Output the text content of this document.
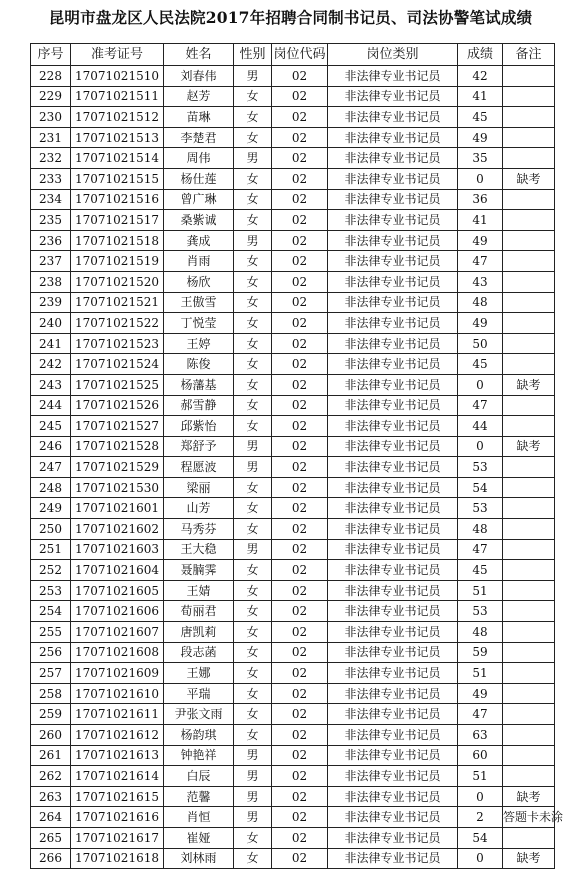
昆明市盘龙区人民法院2017年招聘合同制书记员、司法协警笔试成绩
序号	准考证号	姓名	性别	岗位代码	岗位类别	成绩	备注
228	17071021510	刘春伟	男	02	非法律专业书记员	42	
229	17071021511	赵芳	女	02	非法律专业书记员	41	
230	17071021512	苗琳	女	02	非法律专业书记员	45	
231	17071021513	李楚君	女	02	非法律专业书记员	49	
232	17071021514	周伟	男	02	非法律专业书记员	35	
233	17071021515	杨仕莲	女	02	非法律专业书记员	0	缺考
234	17071021516	曾广琳	女	02	非法律专业书记员	36	
235	17071021517	桑紫诚	女	02	非法律专业书记员	41	
236	17071021518	龚成	男	02	非法律专业书记员	49	
237	17071021519	肖雨	女	02	非法律专业书记员	47	
238	17071021520	杨欣	女	02	非法律专业书记员	43	
239	17071021521	王傲雪	女	02	非法律专业书记员	48	
240	17071021522	丁悦莹	女	02	非法律专业书记员	49	
241	17071021523	王婷	女	02	非法律专业书记员	50	
242	17071021524	陈俊	女	02	非法律专业书记员	45	
243	17071021525	杨藩基	女	02	非法律专业书记员	0	缺考
244	17071021526	郝雪静	女	02	非法律专业书记员	47	
245	17071021527	邱紫怡	女	02	非法律专业书记员	44	
246	17071021528	郑舒予	男	02	非法律专业书记员	0	缺考
247	17071021529	程愿波	男	02	非法律专业书记员	53	
248	17071021530	梁丽	女	02	非法律专业书记员	54	
249	17071021601	山芳	女	02	非法律专业书记员	53	
250	17071021602	马秀芬	女	02	非法律专业书记员	48	
251	17071021603	王大稳	男	02	非法律专业书记员	47	
252	17071021604	聂腩霁	女	02	非法律专业书记员	45	
253	17071021605	王婧	女	02	非法律专业书记员	51	
254	17071021606	荀丽君	女	02	非法律专业书记员	53	
255	17071021607	唐凯莉	女	02	非法律专业书记员	48	
256	17071021608	段志菡	女	02	非法律专业书记员	59	
257	17071021609	王娜	女	02	非法律专业书记员	51	
258	17071021610	平瑞	女	02	非法律专业书记员	49	
259	17071021611	尹张文雨	女	02	非法律专业书记员	47	
260	17071021612	杨韵琪	女	02	非法律专业书记员	63	
261	17071021613	钟艳祥	男	02	非法律专业书记员	60	
262	17071021614	白辰	男	02	非法律专业书记员	51	
263	17071021615	范馨	男	02	非法律专业书记员	0	缺考
264	17071021616	肖恒	男	02	非法律专业书记员	2	答题卡未涂
265	17071021617	崔娅	女	02	非法律专业书记员	54	
266	17071021618	刘林雨	女	02	非法律专业书记员	0	缺考
